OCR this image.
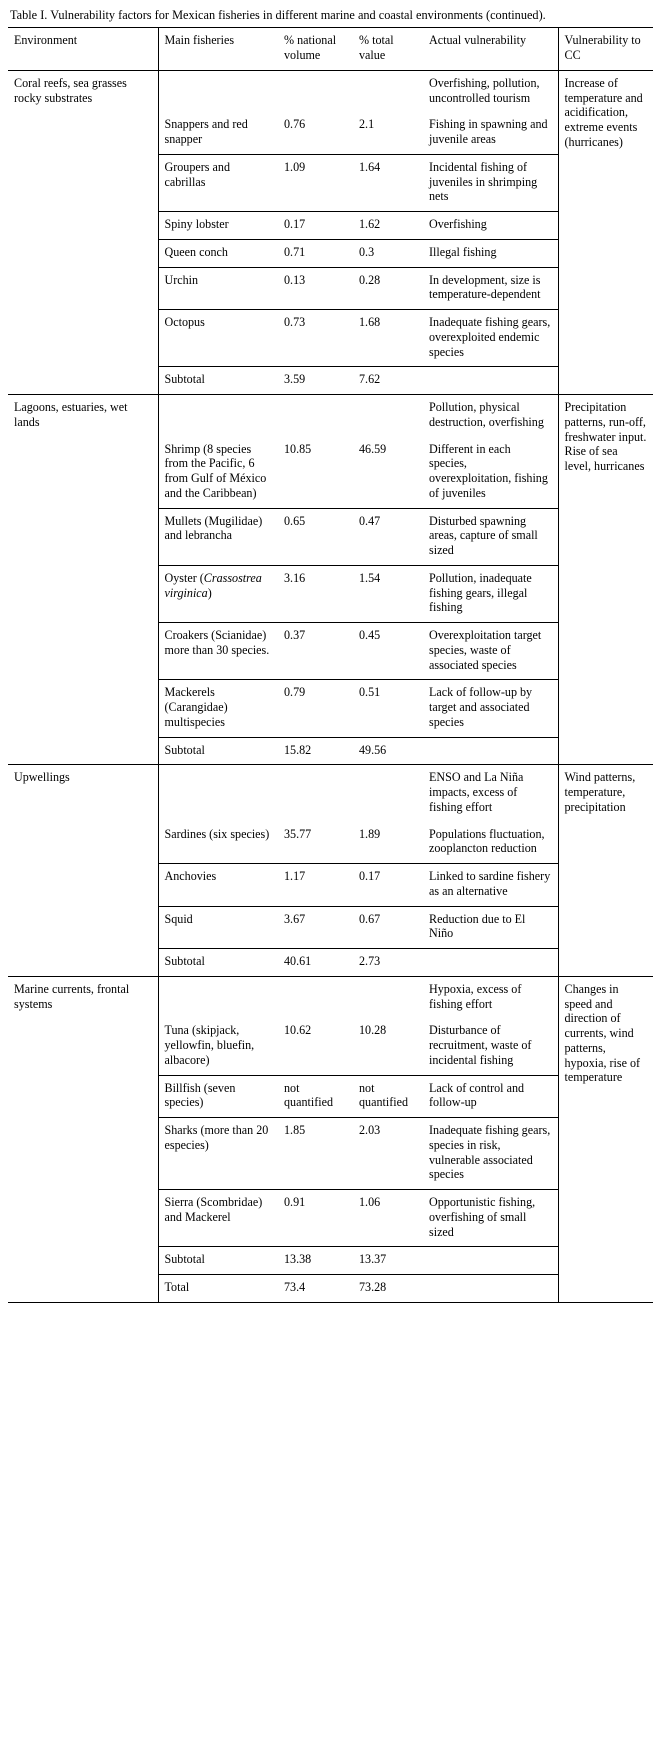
Table I. Vulnerability factors for Mexican fisheries in different marine and coastal environments (continued).
Environment	Main fisheries	% national volume	% total value	Actual vulnerability	Vulnerability to CC
Coral reefs, sea grasses rocky substrates				Overfishing, pollution, uncontrolled tourism	Increase of temperature and acidification, extreme events (hurricanes)
	Snappers and red snapper	0.76	2.1	Fishing in spawning and juvenile areas	
	Groupers and cabrillas	1.09	1.64	Incidental fishing of juveniles in shrimping nets	
	Spiny lobster	0.17	1.62	Overfishing	
	Queen conch	0.71	0.3	Illegal fishing	
	Urchin	0.13	0.28	In development, size is temperature-dependent	
	Octopus	0.73	1.68	Inadequate fishing gears, overexploited endemic species	
	Subtotal	3.59	7.62		
Lagoons, estuaries, wet lands				Pollution, physical destruction, overfishing	Precipitation patterns, run-off, freshwater input. Rise of sea level, hurricanes
	Shrimp (8 species from the Pacific, 6 from Gulf of México and the Caribbean)	10.85	46.59	Different in each species, overexploitation, fishing of juveniles	
	Mullets (Mugilidae) and lebrancha	0.65	0.47	Disturbed spawning areas, capture of small sized	
	Oyster (Crassostrea virginica)	3.16	1.54	Pollution, inadequate fishing gears, illegal fishing	
	Croakers (Scianidae) more than 30 species.	0.37	0.45	Overexploitation target species, waste of associated species	
	Mackerels (Carangidae) multispecies	0.79	0.51	Lack of follow-up by target and associated species	
	Subtotal	15.82	49.56		
Upwellings				ENSO and La Niña impacts, excess of fishing effort	Wind patterns, temperature, precipitation
	Sardines (six species)	35.77	1.89	Populations fluctuation, zooplancton reduction	
	Anchovies	1.17	0.17	Linked to sardine fishery as an alternative	
	Squid	3.67	0.67	Reduction due to El Niño	
	Subtotal	40.61	2.73		
Marine currents, frontal systems				Hypoxia, excess of fishing effort	Changes in speed and direction of currents, wind patterns, hypoxia, rise of temperature
	Tuna (skipjack, yellowfin, bluefin, albacore)	10.62	10.28	Disturbance of recruitment, waste of incidental fishing	
	Billfish (seven species)	not quantified	not quantified	Lack of control and follow-up	
	Sharks (more than 20 especies)	1.85	2.03	Inadequate fishing gears, species in risk, vulnerable associated species	
	Sierra (Scombridae) and Mackerel	0.91	1.06	Opportunistic fishing, overfishing of small sized	
	Subtotal	13.38	13.37		
	Total	73.4	73.28		
